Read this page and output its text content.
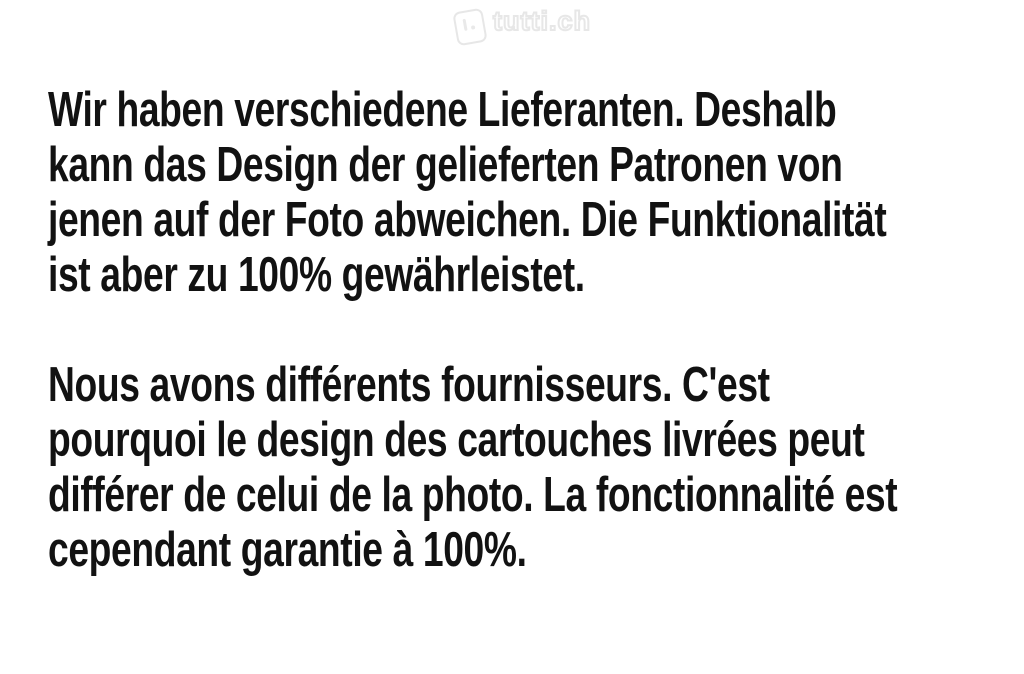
tutti.ch
Wir haben verschiedene Lieferanten. Deshalb
kann das Design der gelieferten Patronen von
jenen auf der Foto abweichen. Die Funktionalität
ist aber zu 100% gewährleistet.
Nous avons différents fournisseurs. C'est
pourquoi le design des cartouches livrées peut
différer de celui de la photo. La fonctionnalité est
cependant garantie à 100%.
